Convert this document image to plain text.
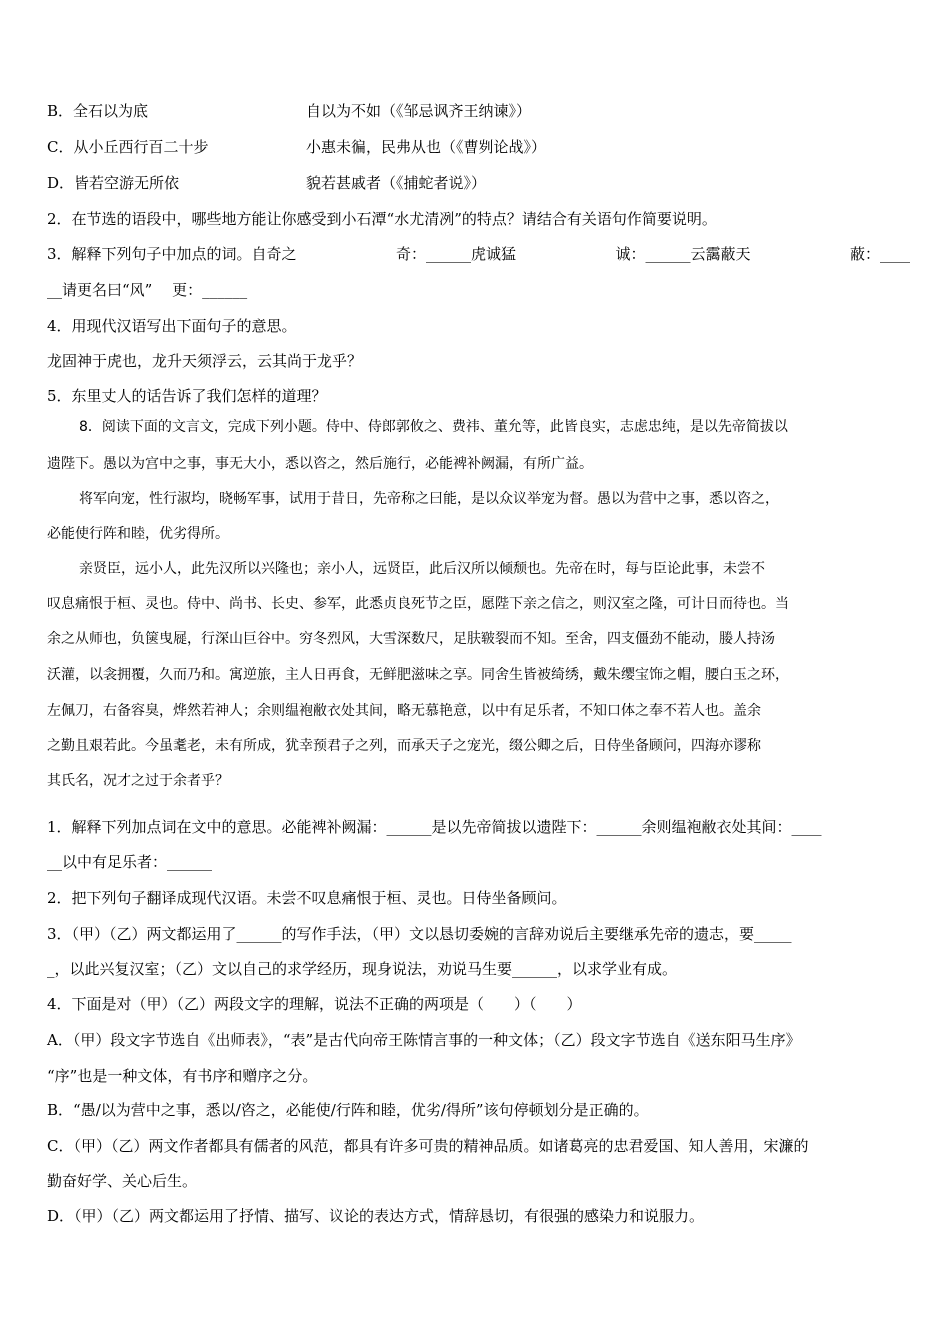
B．全石以为底	自以为不如（《邹忌讽齐王纳谏》）
C．从小丘西行百二十步	小惠未徧，民弗从也（《曹刿论战》）
D．皆若空游无所依	貌若甚戚者（《捕蛇者说》）
2．在节选的语段中，哪些地方能让你感受到小石潭“水尤清冽”的特点？请结合有关语句作简要说明。
3．解释下列句子中加点的词。自奇之	奇：______虎诚猛	诚：______云靄蔽天	蔽：____
__请更名曰“风”　 更：______
4．用现代汉语写出下面句子的意思。
龙固神于虎也，龙升天须浮云，云其尚于龙乎？
5．东里丈人的话告诉了我们怎样的道理？
8．阅读下面的文言文，完成下列小题。侍中、侍郎郭攸之、费祎、董允等，此皆良实，志虑忠纯，是以先帝简拔以
遗陛下。愚以为宫中之事，事无大小，悉以咨之，然后施行，必能裨补阙漏，有所广益。
将军向宠，性行淑均，晓畅军事，试用于昔日，先帝称之曰能，是以众议举宠为督。愚以为营中之事，悉以咨之，
必能使行阵和睦，优劣得所。
亲贤臣，远小人，此先汉所以兴隆也；亲小人，远贤臣，此后汉所以倾颓也。先帝在时，每与臣论此事，未尝不
叹息痛恨于桓、灵也。侍中、尚书、长史、参军，此悉贞良死节之臣，愿陛下亲之信之，则汉室之隆，可计日而待也。当
余之从师也，负箧曳屣，行深山巨谷中。穷冬烈风，大雪深数尺，足肤皲裂而不知。至舍，四支僵劲不能动，媵人持汤
沃灌，以衾拥覆，久而乃和。寓逆旅，主人日再食，无鲜肥滋味之享。同舍生皆被绮绣，戴朱缨宝饰之帽，腰白玉之环，
左佩刀，右备容臭，烨然若神人；余则缊袍敝衣处其间，略无慕艳意，以中有足乐者，不知口体之奉不若人也。盖余
之勤且艰若此。今虽耄老，未有所成，犹幸预君子之列，而承天子之宠光，缀公卿之后，日侍坐备顾问，四海亦谬称
其氏名，况才之过于余者乎？
1．解释下列加点词在文中的意思。必能裨补阙漏：______是以先帝简拔以遗陛下：______余则缊袍敝衣处其间：____
__以中有足乐者：______
2．把下列句子翻译成现代汉语。未尝不叹息痛恨于桓、灵也。日侍坐备顾问。
3．（甲）（乙）两文都运用了______的写作手法，（甲）文以恳切委婉的言辞劝说后主要继承先帝的遗志，要_____
_，以此兴复汉室；（乙）文以自己的求学经历，现身说法，劝说马生要______，以求学业有成。
4．下面是对（甲）（乙）两段文字的理解，说法不正确的两项是（　　）（　　）
A．（甲）段文字节选自《出师表》，“表”是古代向帝王陈情言事的一种文体；（乙）段文字节选自《送东阳马生序》
“序”也是一种文体，有书序和赠序之分。
B．“愚/以为营中之事，悉以/咨之，必能使/行阵和睦，优劣/得所”该句停顿划分是正确的。
C．（甲）（乙）两文作者都具有儒者的风范，都具有许多可贵的精神品质。如诸葛亮的忠君爱国、知人善用，宋濂的
勤奋好学、关心后生。
D．（甲）（乙）两文都运用了抒情、描写、议论的表达方式，情辞恳切，有很强的感染力和说服力。
